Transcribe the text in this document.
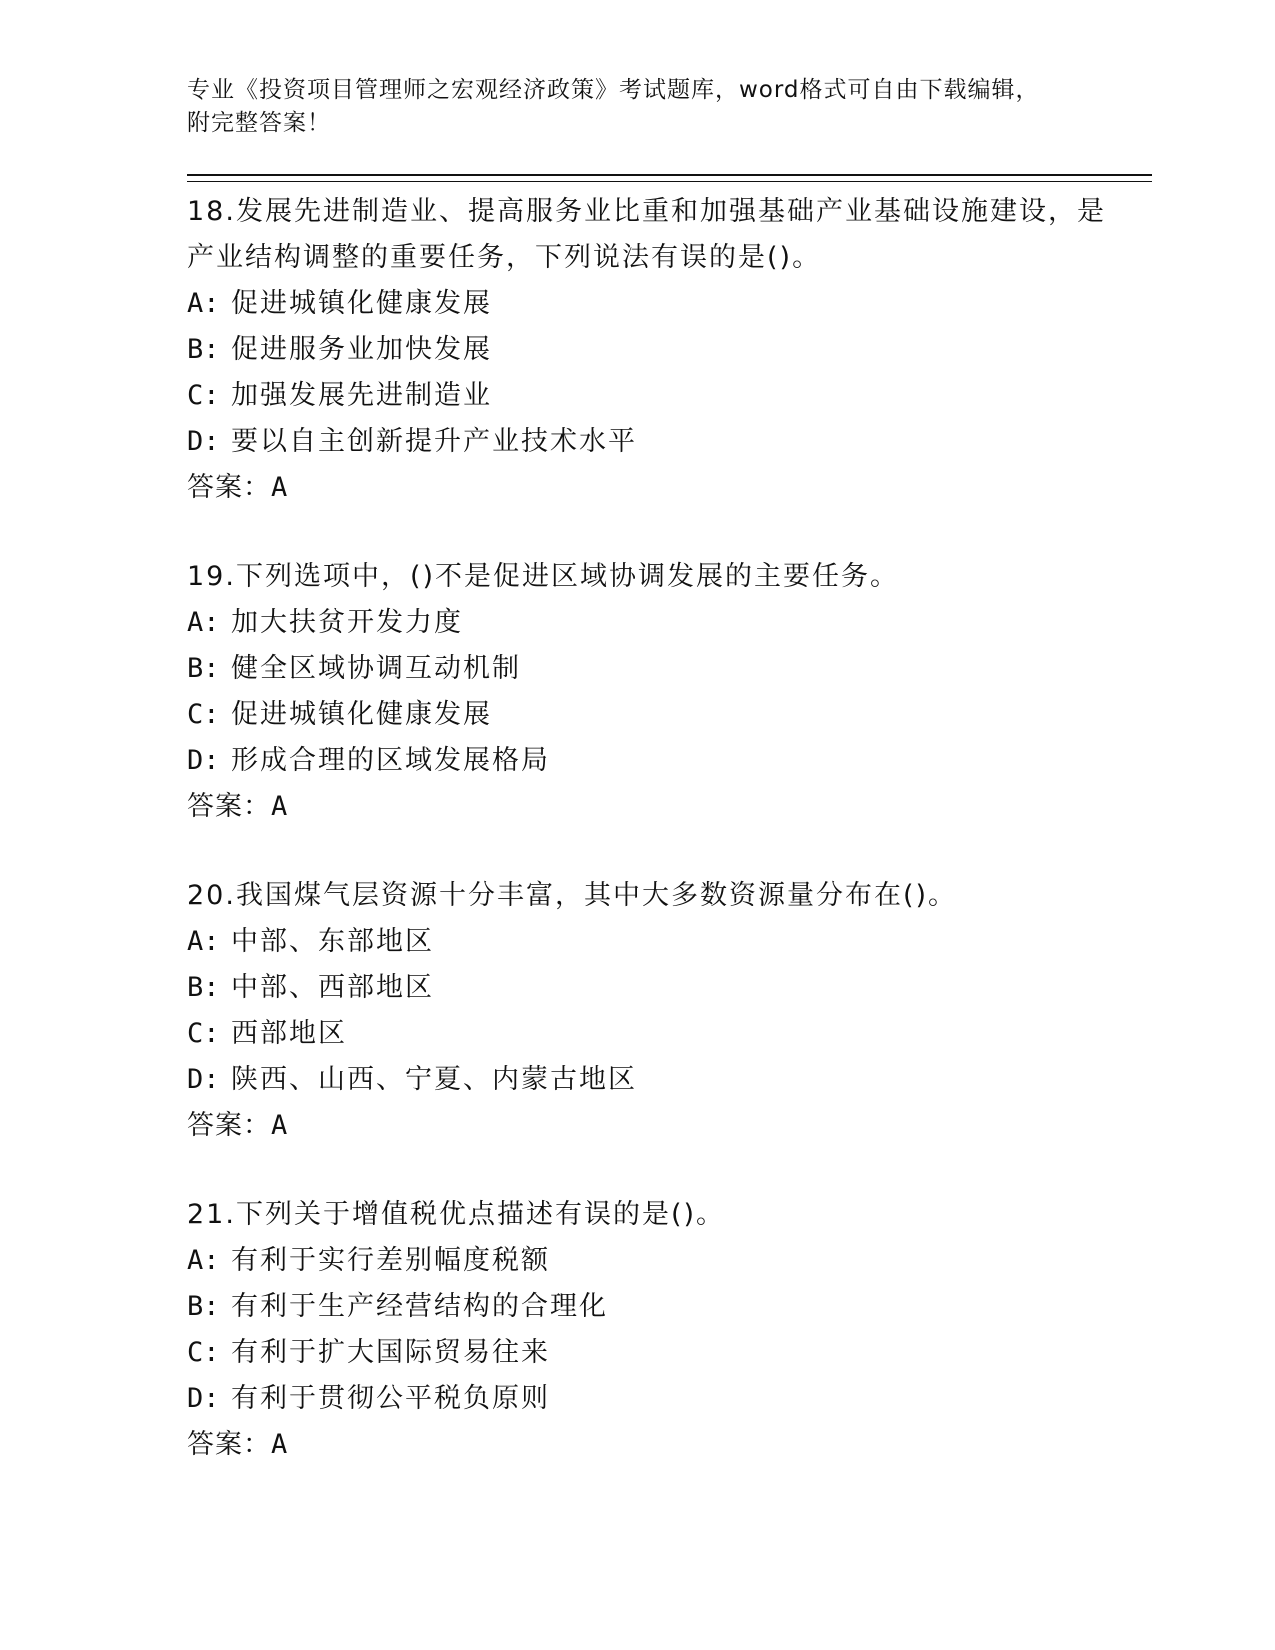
专业《投资项目管理师之宏观经济政策》考试题库，word格式可自由下载编辑，
附完整答案！
18.发展先进制造业、提高服务业比重和加强基础产业基础设施建设，是产业结构调整的重要任务，下列说法有误的是()。
A: 促进城镇化健康发展
B: 促进服务业加快发展
C: 加强发展先进制造业
D: 要以自主创新提升产业技术水平
答案：A
19.下列选项中，()不是促进区域协调发展的主要任务。
A: 加大扶贫开发力度
B: 健全区域协调互动机制
C: 促进城镇化健康发展
D: 形成合理的区域发展格局
答案：A
20.我国煤气层资源十分丰富，其中大多数资源量分布在()。
A: 中部、东部地区
B: 中部、西部地区
C: 西部地区
D: 陕西、山西、宁夏、内蒙古地区
答案：A
21.下列关于增值税优点描述有误的是()。
A: 有利于实行差别幅度税额
B: 有利于生产经营结构的合理化
C: 有利于扩大国际贸易往来
D: 有利于贯彻公平税负原则
答案：A
